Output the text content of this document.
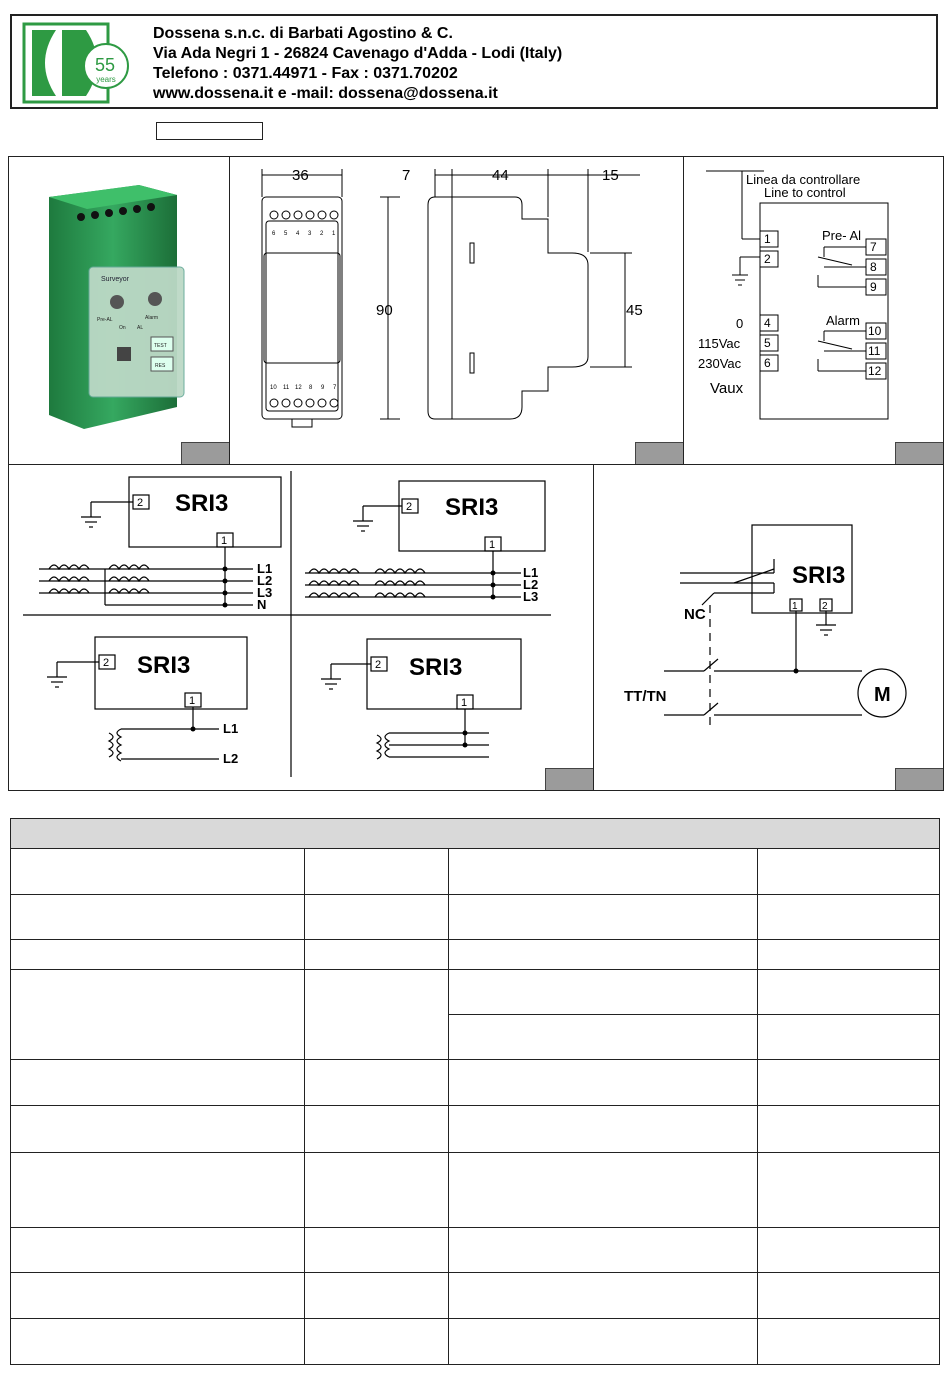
55
years
Dossena s.n.c. di Barbati Agostino & C.
Via Ada Negri 1 - 26824 Cavenago d'Adda - Lodi (Italy)
Telefono : 0371.44971 - Fax : 0371.70202
www.dossena.it e -mail: dossena@dossena.it
Surveyor
Pre-AL	Alarm
On AL
TEST
RES
36	7	44	15
90	45
6 5 4 3 2 1
10 11 12 8 9 7
Linea da controllare
Line to control
1
2
4
5
6
7
8
9
10
11
12
Pre- Al
Alarm
0
115Vac
230Vac
Vaux
SRI3
2
1
L1
L2
L3
N
SRI3
2
1
L1
L2
L3
SRI3
2
1
L1
L2
SRI3
2
1
SRI3
1 2
NC
TT/TN	M
